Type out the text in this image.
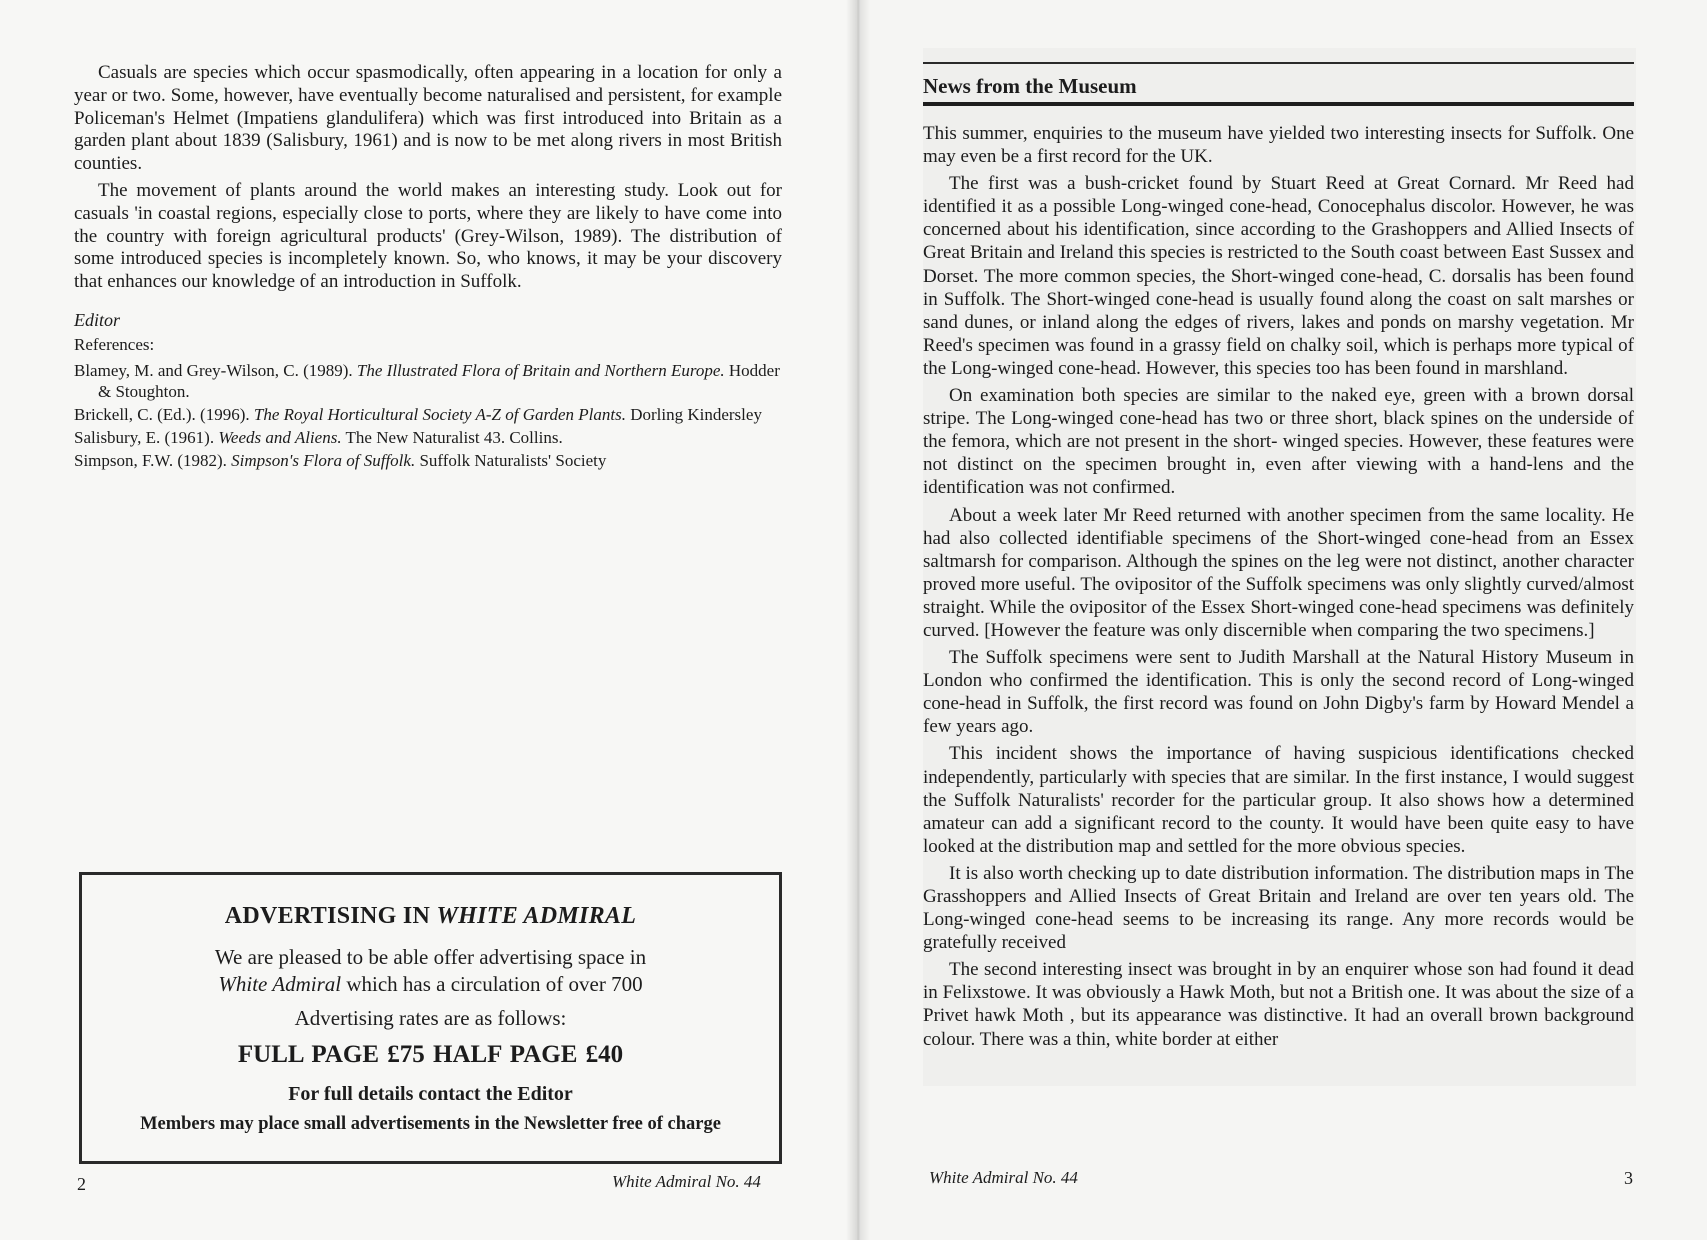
Casuals are species which occur spasmodically, often appearing in a location for only a year or two. Some, however, have eventually become naturalised and persistent, for example Policeman's Helmet (Impatiens glandulifera) which was first introduced into Britain as a garden plant about 1839 (Salisbury, 1961) and is now to be met along rivers in most British counties.

The movement of plants around the world makes an interesting study. Look out for casuals 'in coastal regions, especially close to ports, where they are likely to have come into the country with foreign agricultural products' (Grey-Wilson, 1989). The distribution of some introduced species is incompletely known. So, who knows, it may be your discovery that enhances our knowledge of an introduction in Suffolk.

Editor

References:

Blamey, M. and Grey-Wilson, C. (1989). The Illustrated Flora of Britain and Northern Europe. Hodder & Stoughton.

Brickell, C. (Ed.). (1996). The Royal Horticultural Society A-Z of Garden Plants. Dorling Kindersley

Salisbury, E. (1961). Weeds and Aliens. The New Naturalist 43. Collins.

Simpson, F.W. (1982). Simpson's Flora of Suffolk. Suffolk Naturalists' Society

ADVERTISING IN WHITE ADMIRAL
We are pleased to be able offer advertising space in
White Admiral which has a circulation of over 700
Advertising rates are as follows:
FULL PAGE £75 HALF PAGE £40
For full details contact the Editor
Members may place small advertisements in the Newsletter free of charge
2	White Admiral No. 44
News from the Museum

This summer, enquiries to the museum have yielded two interesting insects for Suffolk. One may even be a first record for the UK.

The first was a bush-cricket found by Stuart Reed at Great Cornard. Mr Reed had identified it as a possible Long-winged cone-head, Conocephalus discolor. However, he was concerned about his identification, since according to the Grashoppers and Allied Insects of Great Britain and Ireland this species is restricted to the South coast between East Sussex and Dorset. The more common species, the Short-winged cone-head, C. dorsalis has been found in Suffolk. The Short-winged cone-head is usually found along the coast on salt marshes or sand dunes, or inland along the edges of rivers, lakes and ponds on marshy vegetation. Mr Reed's specimen was found in a grassy field on chalky soil, which is perhaps more typical of the Long-winged cone-head. However, this species too has been found in marshland.

On examination both species are similar to the naked eye, green with a brown dorsal stripe. The Long-winged cone-head has two or three short, black spines on the underside of the femora, which are not present in the short- winged species. However, these features were not distinct on the specimen brought in, even after viewing with a hand-lens and the identification was not confirmed.

About a week later Mr Reed returned with another specimen from the same locality. He had also collected identifiable specimens of the Short-winged cone-head from an Essex saltmarsh for comparison. Although the spines on the leg were not distinct, another character proved more useful. The ovipositor of the Suffolk specimens was only slightly curved/almost straight. While the ovipositor of the Essex Short-winged cone-head specimens was definitely curved. [However the feature was only discernible when comparing the two specimens.]

The Suffolk specimens were sent to Judith Marshall at the Natural History Museum in London who confirmed the identification. This is only the second record of Long-winged cone-head in Suffolk, the first record was found on John Digby's farm by Howard Mendel a few years ago.

This incident shows the importance of having suspicious identifications checked independently, particularly with species that are similar. In the first instance, I would suggest the Suffolk Naturalists' recorder for the particular group. It also shows how a determined amateur can add a significant record to the county. It would have been quite easy to have looked at the distribution map and settled for the more obvious species.

It is also worth checking up to date distribution information. The distribution maps in The Grasshoppers and Allied Insects of Great Britain and Ireland are over ten years old. The Long-winged cone-head seems to be increasing its range. Any more records would be gratefully received

The second interesting insect was brought in by an enquirer whose son had found it dead in Felixstowe. It was obviously a Hawk Moth, but not a British one. It was about the size of a Privet hawk Moth , but its appearance was distinctive. It had an overall brown background colour. There was a thin, white border at either

White Admiral No. 44	3
